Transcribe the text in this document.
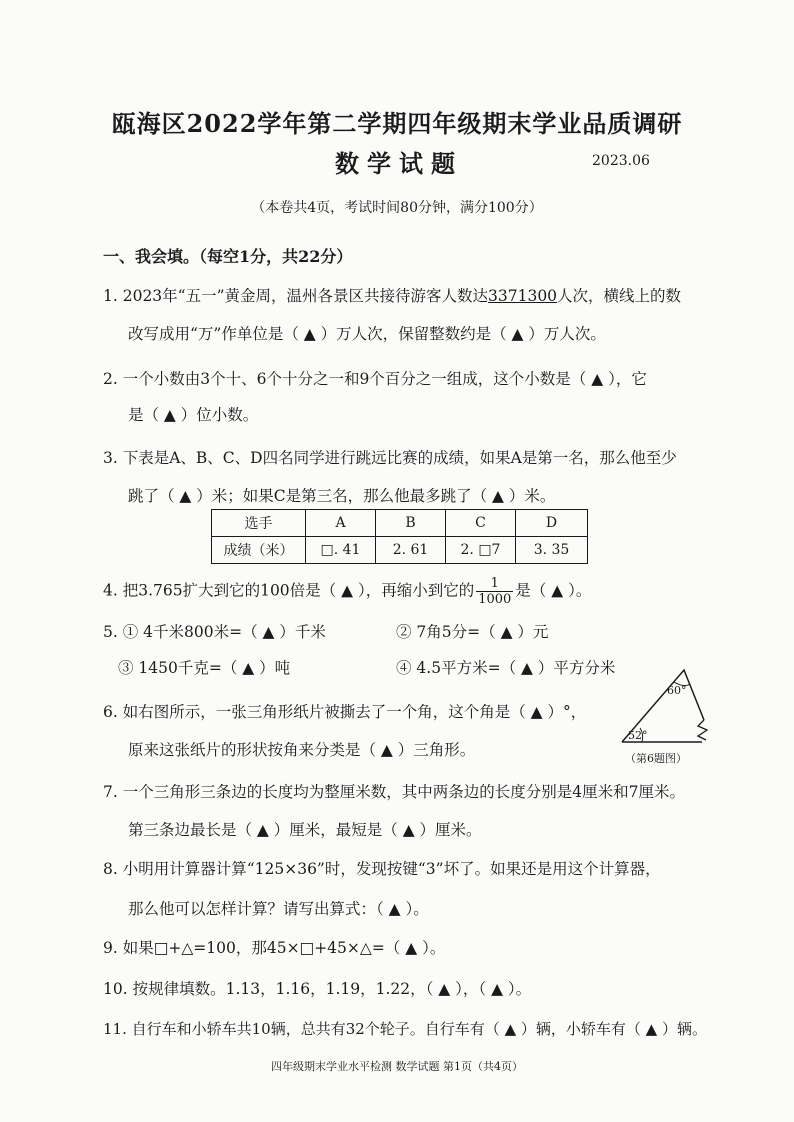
瓯海区2022学年第二学期四年级期末学业品质调研
数学试题	2023.06
（本卷共4页，考试时间80分钟，满分100分）
一、我会填。（每空1分，共22分）
1. 2023年“五一”黄金周，温州各景区共接待游客人数达3371300人次，横线上的数
改写成用“万”作单位是（ ▲ ）万人次，保留整数约是（ ▲ ）万人次。
2. 一个小数由3个十、6个十分之一和9个百分之一组成，这个小数是（ ▲ ），它
是（ ▲ ）位小数。
3. 下表是A、B、C、D四名同学进行跳远比赛的成绩，如果A是第一名，那么他至少
跳了（ ▲ ）米；如果C是第三名，那么他最多跳了（ ▲ ）米。
选手	A	B	C	D
成绩（米）	□. 41	2. 61	2. □7	3. 35
4. 把3.765扩大到它的100倍是（ ▲ ），再缩小到它的 $\frac{1}{1000}$ 是（ ▲ ）。
5. ① 4千米800米=（ ▲ ）千米	② 7角5分=（ ▲ ）元
③ 1450千克=（ ▲ ）吨	④ 4.5平方米=（ ▲ ）平方分米
6. 如右图所示，一张三角形纸片被撕去了一个角，这个角是（ ▲ ）°，
原来这张纸片的形状按角来分类是（ ▲ ）三角形。
60°
52°
（第6题图）
7. 一个三角形三条边的长度均为整厘米数，其中两条边的长度分别是4厘米和7厘米。
第三条边最长是（ ▲ ）厘米，最短是（ ▲ ）厘米。
8. 小明用计算器计算“125×36”时，发现按键“3”坏了。如果还是用这个计算器，
那么他可以怎样计算？请写出算式：（ ▲ ）。
9. 如果□+△=100，那45×□+45×△=（ ▲ ）。
10. 按规律填数。1.13，1.16，1.19，1.22，（ ▲ ），（ ▲ ）。
11. 自行车和小轿车共10辆，总共有32个轮子。自行车有（ ▲ ）辆，小轿车有（ ▲ ）辆。
四年级期末学业水平检测 数学试题 第1页（共4页）
